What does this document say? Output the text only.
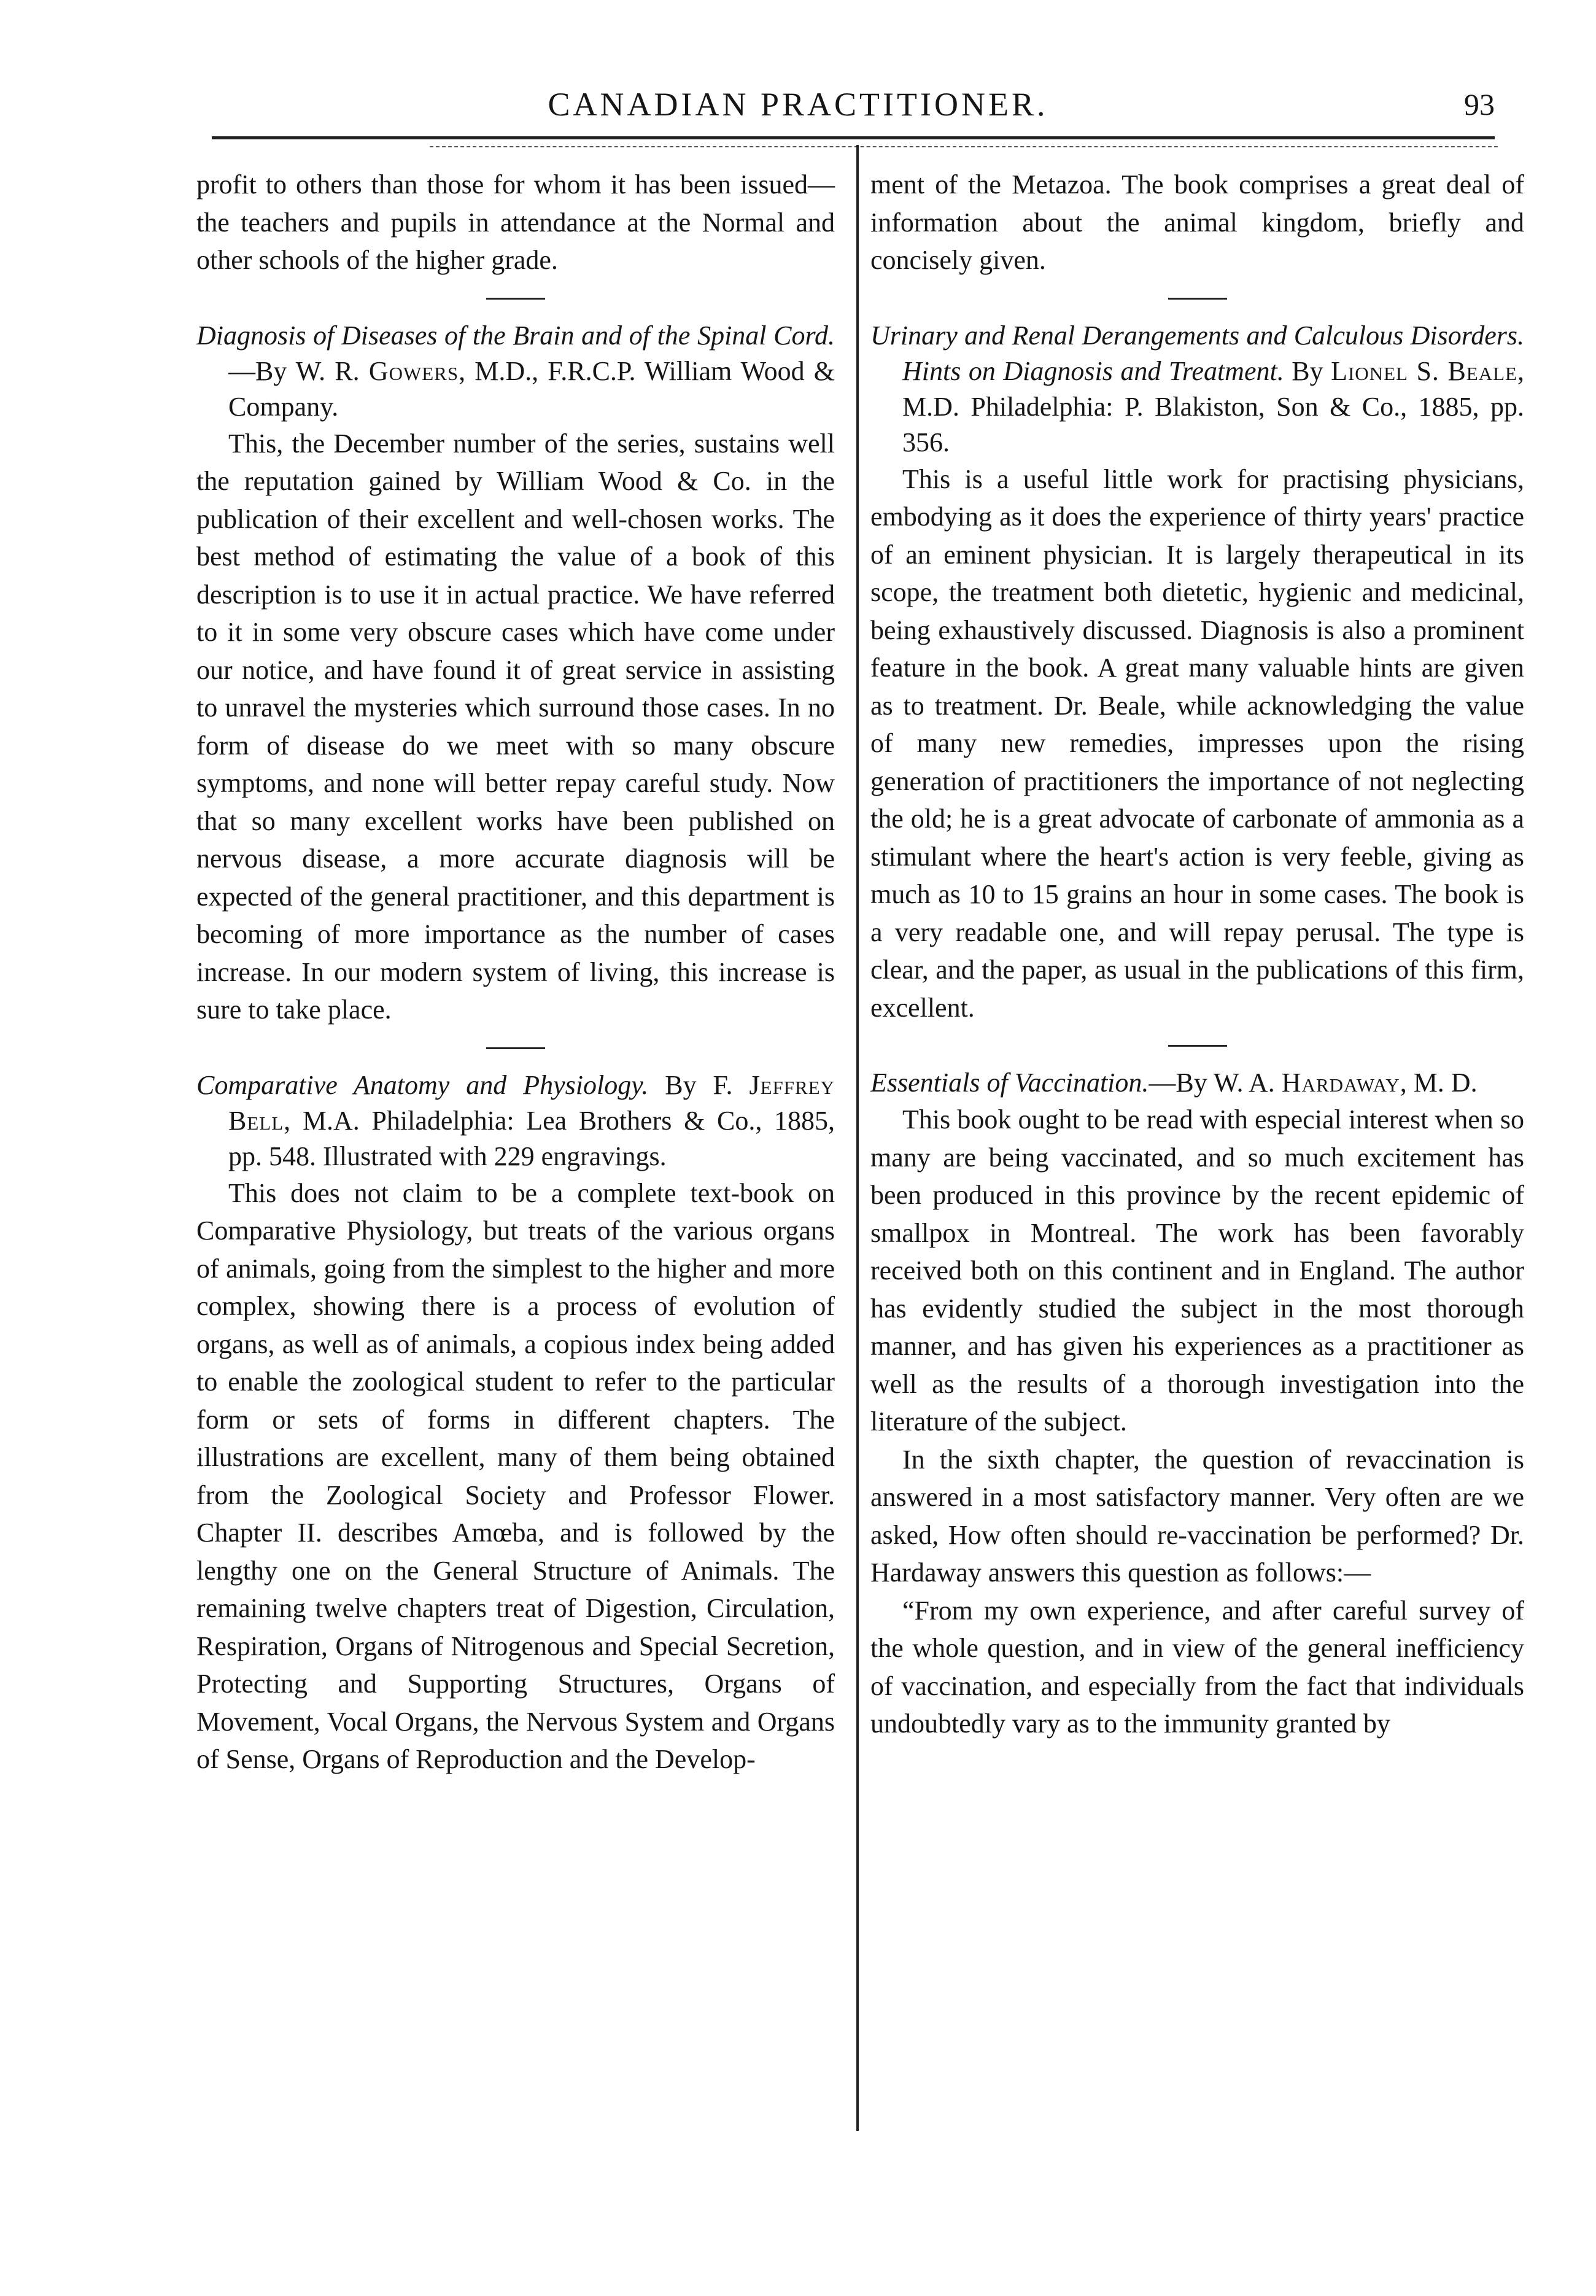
CANADIAN PRACTITIONER.	93

profit to others than those for whom it has been issued—the teachers and pupils in attendance at the Normal and other schools of the higher grade.

Diagnosis of Diseases of the Brain and of the Spinal Cord.—By W. R. Gowers, M.D., F.R.C.P. William Wood & Company.

This, the December number of the series, sustains well the reputation gained by William Wood & Co. in the publication of their excellent and well-chosen works. The best method of estimating the value of a book of this description is to use it in actual practice. We have referred to it in some very obscure cases which have come under our notice, and have found it of great service in assisting to unravel the mysteries which surround those cases. In no form of disease do we meet with so many obscure symptoms, and none will better repay careful study. Now that so many excellent works have been published on nervous disease, a more accurate diagnosis will be expected of the general practitioner, and this department is becoming of more importance as the number of cases increase. In our modern system of living, this increase is sure to take place.

Comparative Anatomy and Physiology. By F. Jeffrey Bell, M.A. Philadelphia: Lea Brothers & Co., 1885, pp. 548. Illustrated with 229 engravings.

This does not claim to be a complete text-book on Comparative Physiology, but treats of the various organs of animals, going from the simplest to the higher and more complex, showing there is a process of evolution of organs, as well as of animals, a copious index being added to enable the zoological student to refer to the particular form or sets of forms in different chapters. The illustrations are excellent, many of them being obtained from the Zoological Society and Professor Flower. Chapter II. describes Amœba, and is followed by the lengthy one on the General Structure of Animals. The remaining twelve chapters treat of Digestion, Circulation, Respiration, Organs of Nitrogenous and Special Secretion, Protecting and Supporting Structures, Organs of Movement, Vocal Organs, the Nervous System and Organs of Sense, Organs of Reproduction and the Develop-

ment of the Metazoa. The book comprises a great deal of information about the animal kingdom, briefly and concisely given.

Urinary and Renal Derangements and Calculous Disorders. Hints on Diagnosis and Treatment. By Lionel S. Beale, M.D. Philadelphia: P. Blakiston, Son & Co., 1885, pp. 356.

This is a useful little work for practising physicians, embodying as it does the experience of thirty years' practice of an eminent physician. It is largely therapeutical in its scope, the treatment both dietetic, hygienic and medicinal, being exhaustively discussed. Diagnosis is also a prominent feature in the book. A great many valuable hints are given as to treatment. Dr. Beale, while acknowledging the value of many new remedies, impresses upon the rising generation of practitioners the importance of not neglecting the old; he is a great advocate of carbonate of ammonia as a stimulant where the heart's action is very feeble, giving as much as 10 to 15 grains an hour in some cases. The book is a very readable one, and will repay perusal. The type is clear, and the paper, as usual in the publications of this firm, excellent.

Essentials of Vaccination.—By W. A. Hardaway, M. D.

This book ought to be read with especial interest when so many are being vaccinated, and so much excitement has been produced in this province by the recent epidemic of smallpox in Montreal. The work has been favorably received both on this continent and in England. The author has evidently studied the subject in the most thorough manner, and has given his experiences as a practitioner as well as the results of a thorough investigation into the literature of the subject.

In the sixth chapter, the question of revaccination is answered in a most satisfactory manner. Very often are we asked, How often should re-vaccination be performed? Dr. Hardaway answers this question as follows:—

“From my own experience, and after careful survey of the whole question, and in view of the general inefficiency of vaccination, and especially from the fact that individuals undoubtedly vary as to the immunity granted by
